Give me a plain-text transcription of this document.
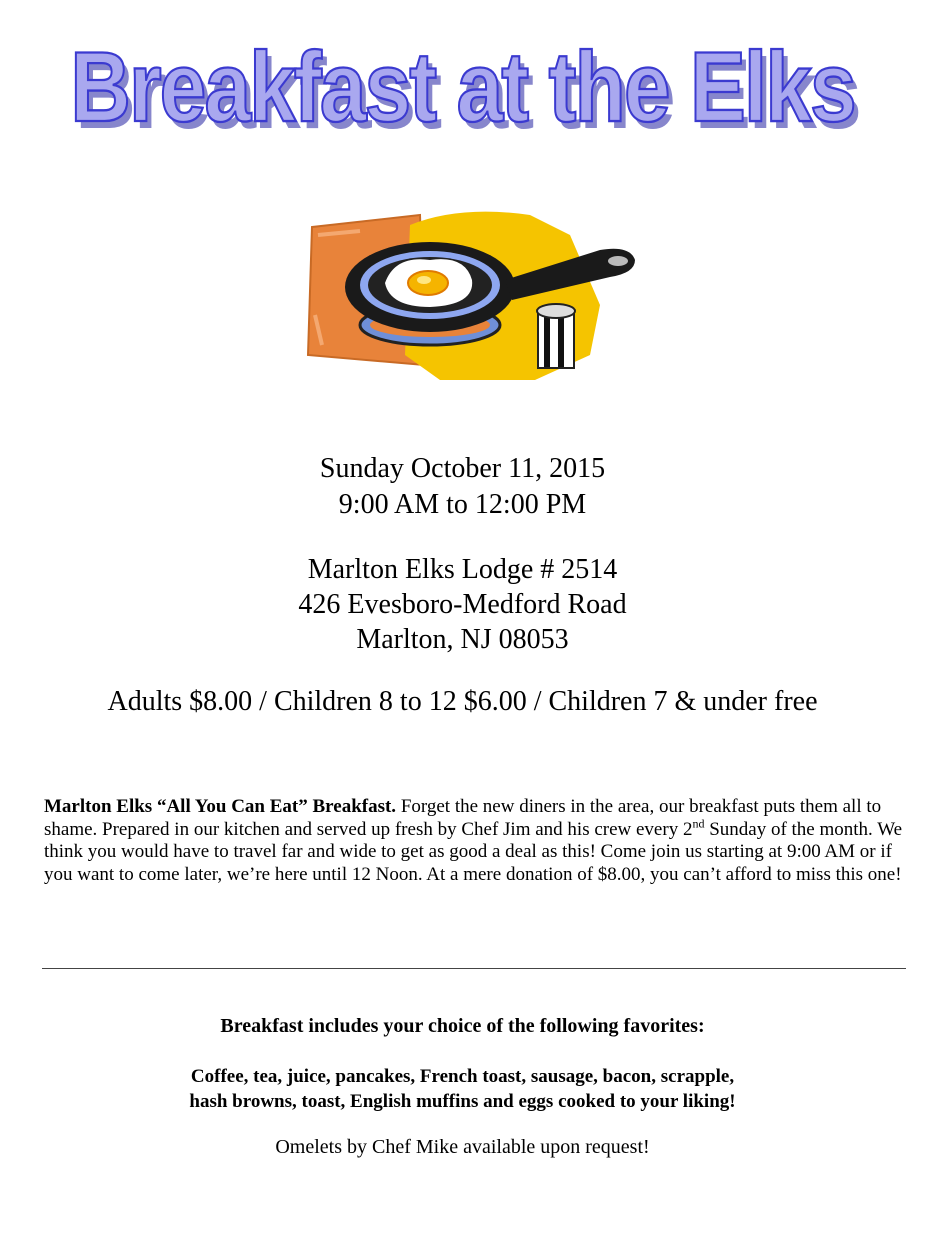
Breakfast at the Elks

Sunday October 11, 2015

9:00 AM to 12:00 PM

Marlton Elks Lodge # 2514

426 Evesboro-Medford Road

Marlton, NJ 08053

Adults $8.00 / Children 8 to 12 $6.00 / Children 7 & under free

Marlton Elks “All You Can Eat” Breakfast. Forget the new diners in the area, our breakfast puts them all to shame. Prepared in our kitchen and served up fresh by Chef Jim and his crew every 2nd Sunday of the month. We think you would have to travel far and wide to get as good a deal as this! Come join us starting at 9:00 AM or if you want to come later, we’re here until 12 Noon. At a mere donation of $8.00, you can’t afford to miss this one!

Breakfast includes your choice of the following favorites:

Coffee, tea, juice, pancakes, French toast, sausage, bacon, scrapple,
hash browns, toast, English muffins and eggs cooked to your liking!

Omelets by Chef Mike available upon request!
